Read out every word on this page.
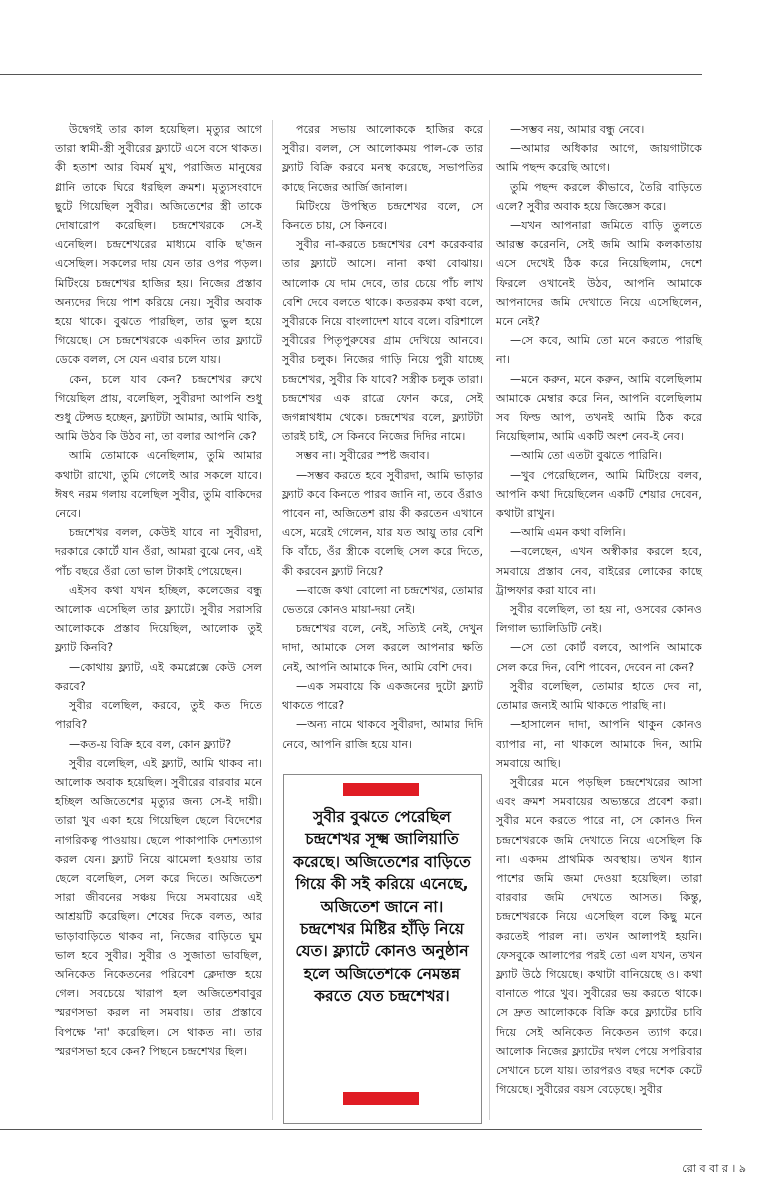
উদ্বেগই তার কাল হয়েছিল। মৃত্যুর আগে তারা স্বামী-স্ত্রী সুবীরের ফ্ল্যাটে এসে বসে থাকত। কী হতাশ আর বিমর্ষ মুখ, পরাজিত মানুষের গ্লানি তাকে ঘিরে ধরছিল ক্রমশ। মৃত্যুসংবাদে ছুটে গিয়েছিল সুবীর। অজিতেশের স্ত্রী তাকে দোষারোপ করেছিল। চন্দ্রশেখরকে সে-ই এনেছিল। চন্দ্রশেখরের মাধ্যমে বাকি ছ'জন এসেছিল। সকলের দায় যেন তার ওপর পড়ল। মিটিংয়ে চন্দ্রশেখর হাজির হয়। নিজের প্রস্তাব অন্যদের দিয়ে পাশ করিয়ে নেয়। সুবীর অবাক হয়ে থাকে। বুঝতে পারছিল, তার ভুল হয়ে গিয়েছে। সে চন্দ্রশেখরকে একদিন তার ফ্ল্যাটে ডেকে বলল, সে যেন এবার চলে যায়।

কেন, চলে যাব কেন? চন্দ্রশেখর রুখে গিয়েছিল প্রায়, বলেছিল, সুবীরদা আপনি শুধু শুধু টেন্সড হচ্ছেন, ফ্ল্যাটটা আমার, আমি থাকি, আমি উঠব কি উঠব না, তা বলার আপনি কে?

আমি তোমাকে এনেছিলাম, তুমি আমার কথাটা রাখো, তুমি গেলেই আর সকলে যাবে। ঈষৎ নরম গলায় বলেছিল সুবীর, তুমি বাকিদের নেবে।

চন্দ্রশেখর বলল, কেউই যাবে না সুবীরদা, দরকারে কোর্টে যান ওঁরা, আমরা বুঝে নেব, এই পাঁচ বছরে ওঁরা তো ভাল টাকাই পেয়েছেন।

এইসব কথা যখন হচ্ছিল, কলেজের বন্ধু আলোক এসেছিল তার ফ্ল্যাটে। সুবীর সরাসরি আলোককে প্রস্তাব দিয়েছিল, আলোক তুই ফ্ল্যাট কিনবি?

—কোথায় ফ্ল্যাট, এই কমপ্লেক্সে কেউ সেল করবে?

সুবীর বলেছিল, করবে, তুই কত দিতে পারবি?

—কত-য় বিক্রি হবে বল, কোন ফ্ল্যাট?

সুবীর বলেছিল, এই ফ্ল্যাট, আমি থাকব না। আলোক অবাক হয়েছিল। সুবীরের বারবার মনে হচ্ছিল অজিতেশের মৃত্যুর জন্য সে-ই দায়ী। তারা খুব একা হয়ে গিয়েছিল ছেলে বিদেশের নাগরিকত্ব পাওয়ায়। ছেলে পাকাপাকি দেশত্যাগ করল যেন। ফ্ল্যাট নিয়ে ঝামেলা হওয়ায় তার ছেলে বলেছিল, সেল করে দিতে। অজিতেশ সারা জীবনের সঞ্চয় দিয়ে সমবায়ের এই আশ্রয়টি করেছিল। শেষের দিকে বলত, আর ভাড়াবাড়িতে থাকব না, নিজের বাড়িতে ঘুম ভাল হবে সুবীর। সুবীর ও সুজাতা ভাবছিল, অনিকেত নিকেতনের পরিবেশ ক্লেদাক্ত হয়ে গেল। সবচেয়ে খারাপ হল অজিতেশবাবুর স্মরণসভা করল না সমবায়। তার প্রস্তাবে বিপক্ষে 'না' করেছিল। সে থাকত না। তার স্মরণসভা হবে কেন? পিছনে চন্দ্রশেখর ছিল।

পরের সভায় আলোককে হাজির করে সুবীর। বলল, সে আলোকময় পাল-কে তার ফ্ল্যাট বিক্রি করবে মনস্থ করেছে, সভাপতির কাছে নিজের আর্জি জানাল।

মিটিংয়ে উপস্থিত চন্দ্রশেখর বলে, সে কিনতে চায়, সে কিনবে।

সুবীর না-করতে চন্দ্রশেখর বেশ করেকবার তার ফ্ল্যাটে আসে। নানা কথা বোঝায়। আলোক যে দাম দেবে, তার চেয়ে পাঁচ লাখ বেশি দেবে বলতে থাকে। কতরকম কথা বলে, সুবীরকে নিয়ে বাংলাদেশ যাবে বলে। বরিশালে সুবীরের পিতৃপুরুষের গ্রাম দেখিয়ে আনবে। সুবীর চলুক। নিজের গাড়ি নিয়ে পুরী যাচ্ছে চন্দ্রশেখর, সুবীর কি যাবে? সস্ত্রীক চলুক তারা। চন্দ্রশেখর এক রাত্রে ফোন করে, সেই জগন্নাথধাম থেকে। চন্দ্রশেখর বলে, ফ্ল্যাটটা তারই চাই, সে কিনবে নিজের দিদির নামে।

সম্ভব না। সুবীরের স্পষ্ট জবাব।

—সম্ভব করতে হবে সুবীরদা, আমি ভাড়ার ফ্ল্যাট কবে কিনতে পারব জানি না, তবে ওঁরাও পাবেন না, অজিতেশ রায় কী করতেন এখানে এসে, মরেই গেলেন, যার যত আয়ু তার বেশি কি বাঁচে, ওঁর স্ত্রীকে বলেছি সেল করে দিতে, কী করবেন ফ্ল্যাট নিয়ে?

—বাজে কথা বোলো না চন্দ্রশেখর, তোমার ভেতরে কোনও মায়া-দয়া নেই।

চন্দ্রশেখর বলে, নেই, সত্যিই নেই, দেখুন দাদা, আমাকে সেল করলে আপনার ক্ষতি নেই, আপনি আমাকে দিন, আমি বেশি দেব।

—এক সমবায়ে কি একজনের দুটো ফ্ল্যাট থাকতে পারে?

—অন্য নামে থাকবে সুবীরদা, আমার দিদি নেবে, আপনি রাজি হয়ে যান।

—সম্ভব নয়, আমার বন্ধু নেবে।

—আমার অধিকার আগে, জায়গাটাকে আমি পছন্দ করেছি আগে।

তুমি পছন্দ করলে কীভাবে, তৈরি বাড়িতে এলে? সুবীর অবাক হয়ে জিজ্ঞেস করে।

—যখন আপনারা জমিতে বাড়ি তুলতে আরম্ভ করেননি, সেই জমি আমি কলকাতায় এসে দেখেই ঠিক করে নিয়েছিলাম, দেশে ফিরলে ওখানেই উঠব, আপনি আমাকে আপনাদের জমি দেখাতে নিয়ে এসেছিলেন, মনে নেই?

—সে কবে, আমি তো মনে করতে পারছি না।

—মনে করুন, মনে করুন, আমি বলেছিলাম আমাকে মেম্বার করে নিন, আপনি বলেছিলাম সব ফিল্ড আপ, তখনই আমি ঠিক করে নিয়েছিলাম, আমি একটি অংশ নেব-ই নেব।

—আমি তো এতটা বুঝতে পারিনি।

—খুব পেরেছিলেন, আমি মিটিংয়ে বলব, আপনি কথা দিয়েছিলেন একটি শেয়ার দেবেন, কথাটা রাখুন।

—আমি এমন কথা বলিনি।

—বলেছেন, এখন অস্বীকার করলে হবে, সমবায়ে প্রস্তাব নেব, বাইরের লোকের কাছে ট্রান্সফার করা যাবে না।

সুবীর বলেছিল, তা হয় না, ওসবের কোনও লিগাল ভ্যালিডিটি নেই।

—সে তো কোর্ট বলবে, আপনি আমাকে সেল করে দিন, বেশি পাবেন, দেবেন না কেন?

সুবীর বলেছিল, তোমার হাতে দেব না, তোমার জন্যই আমি থাকতে পারছি না।

—হাসালেন দাদা, আপনি থাকুন কোনও ব্যাপার না, না থাকলে আমাকে দিন, আমি সমবায়ে আছি।

সুবীরের মনে পড়ছিল চন্দ্রশেখরের আসা এবং ক্রমশ সমবায়ের অভ্যন্তরে প্রবেশ করা। সুবীর মনে করতে পারে না, সে কোনও দিন চন্দ্রশেখরকে জমি দেখাতে নিয়ে এসেছিল কি না। একদম প্রাথমিক অবস্থায়। তখন ধ্যান পাশের জমি জমা দেওয়া হয়েছিল। তারা বারবার জমি দেখতে আসত। কিন্তু, চন্দ্রশেখরকে নিয়ে এসেছিল বলে কিছু মনে করতেই পারল না। তখন আলাপই হয়নি। ফেসবুকে আলাপের পরই তো এল যখন, তখন ফ্ল্যাট উঠে গিয়েছে। কথাটা বানিয়েছে ও। কথা বানাতে পারে খুব। সুবীরের ভয় করতে থাকে। সে দ্রুত আলোককে বিক্রি করে ফ্ল্যাটের চাবি দিয়ে সেই অনিকেত নিকেতন ত্যাগ করে। আলোক নিজের ফ্ল্যাটের দখল পেয়ে সপরিবার সেখানে চলে যায়। তারপরও বছর দশেক কেটে গিয়েছে। সুবীরের বয়স বেড়েছে। সুবীর

সুবীর বুঝতে পেরেছিল চন্দ্রশেখর সূক্ষ্ম জালিয়াতি করেছে। অজিতেশের বাড়িতে গিয়ে কী সই করিয়ে এনেছে, অজিতেশ জানে না। চন্দ্রশেখর মিষ্টির হাঁড়ি নিয়ে যেত। ফ্ল্যাটে কোনও অনুষ্ঠান হলে অজিতেশকে নেমন্তন্ন করতে যেত চন্দ্রশেখর।
রো ব বা র । ৯
